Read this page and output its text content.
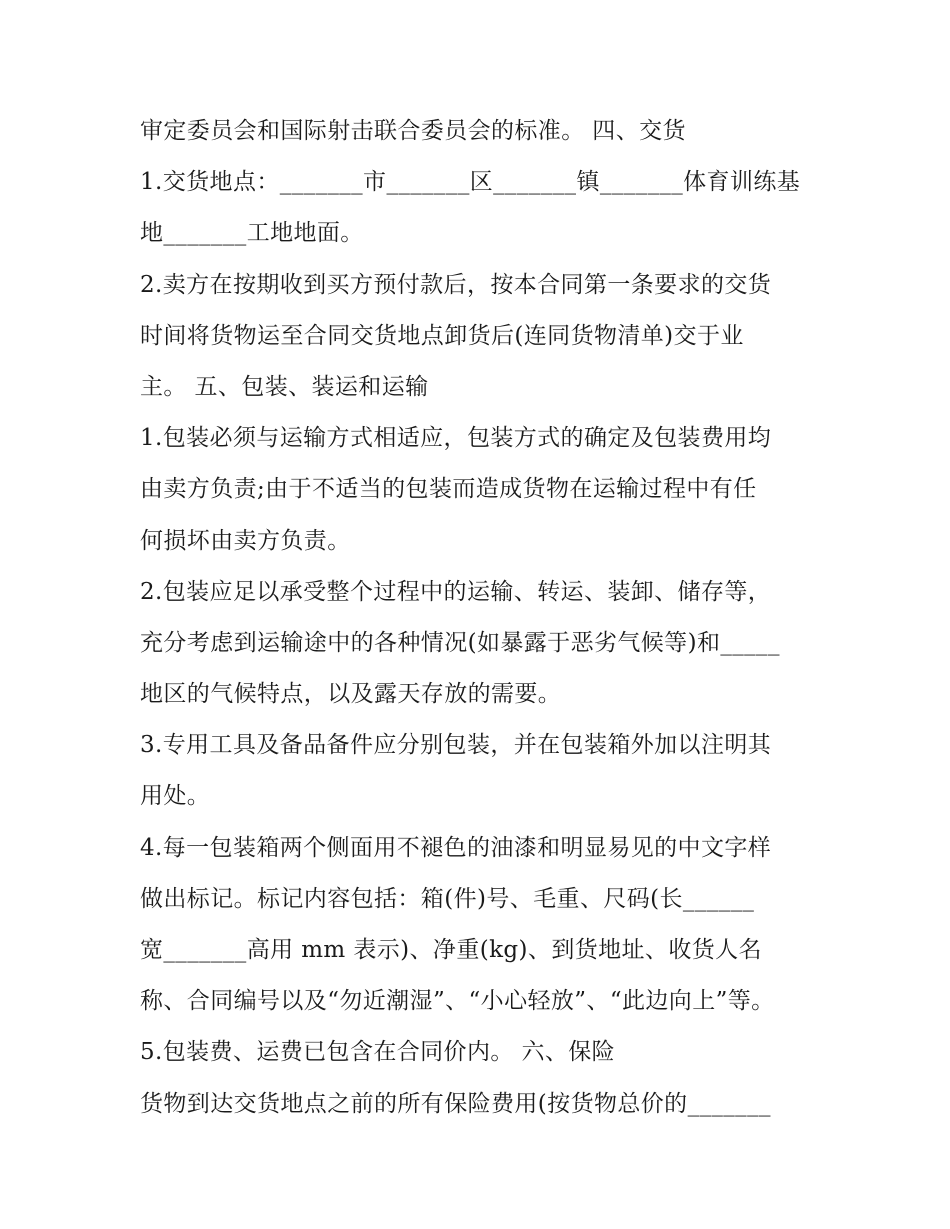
审定委员会和国际射击联合委员会的标准。 四、交货
1.交货地点：_______市_______区_______镇_______体育训练基
地_______工地地面。
2.卖方在按期收到买方预付款后，按本合同第一条要求的交货
时间将货物运至合同交货地点卸货后(连同货物清单)交于业
主。 五、包装、装运和运输
1.包装必须与运输方式相适应，包装方式的确定及包装费用均
由卖方负责;由于不适当的包装而造成货物在运输过程中有任
何损坏由卖方负责。
2.包装应足以承受整个过程中的运输、转运、装卸、储存等，
充分考虑到运输途中的各种情况(如暴露于恶劣气候等)和_____
地区的气候特点，以及露天存放的需要。
3.专用工具及备品备件应分别包装，并在包装箱外加以注明其
用处。
4.每一包装箱两个侧面用不褪色的油漆和明显易见的中文字样
做出标记。标记内容包括：箱(件)号、毛重、尺码(长______
宽_______高用 mm 表示)、净重(kg)、到货地址、收货人名
称、合同编号以及“勿近潮湿”、“小心轻放”、“此边向上”等。
5.包装费、运费已包含在合同价内。 六、保险
货物到达交货地点之前的所有保险费用(按货物总价的_______
